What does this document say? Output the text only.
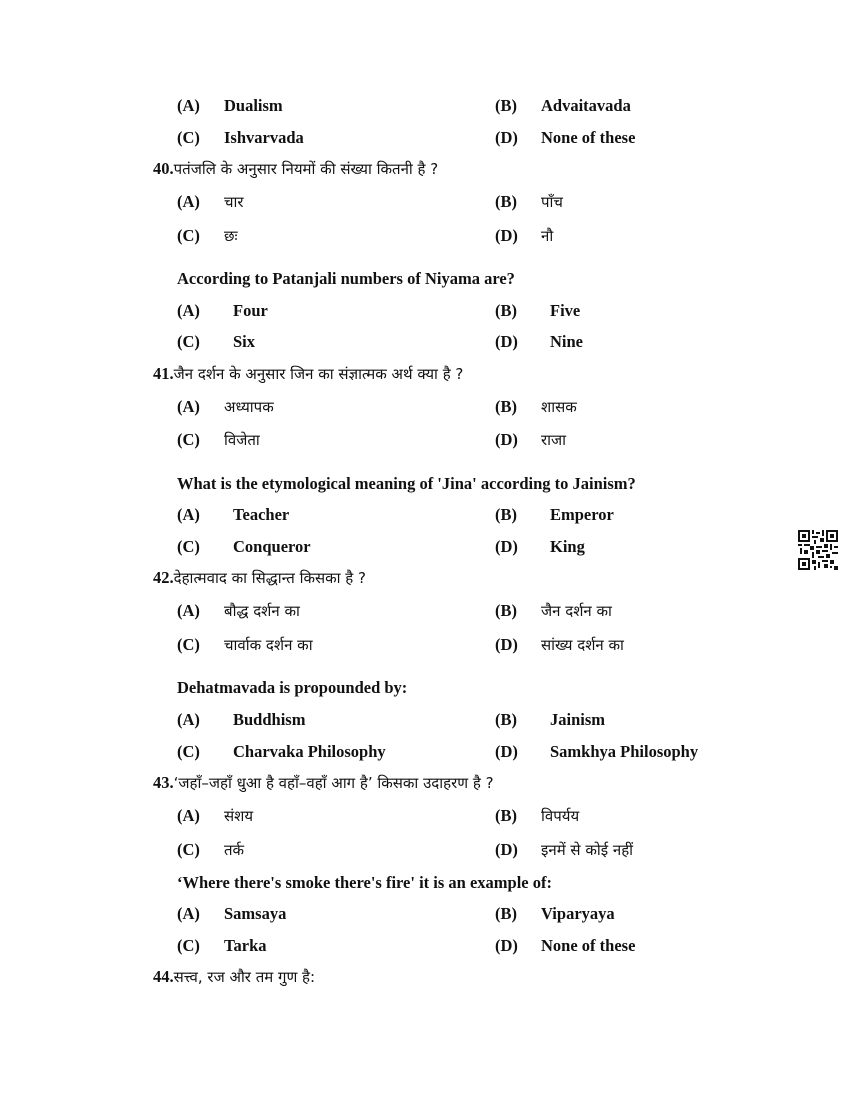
(A) Dualism	(B) Advaitavada
(C) Ishvarvada	(D) None of these
40.पतंजलि के अनुसार नियमों की संख्या कितनी है ?
(A) चार	(B) पाँच
(C) छः	(D) नौ
According to Patanjali numbers of Niyama are?
(A) Four	(B) Five
(C) Six	(D) Nine
41.जैन दर्शन के अनुसार जिन का संज्ञात्मक अर्थ क्या है ?
(A) अध्यापक	(B) शासक
(C) विजेता	(D) राजा
What is the etymological meaning of 'Jina' according to Jainism?
(A) Teacher	(B) Emperor
(C) Conqueror	(D) King
42.देहात्मवाद का सिद्धान्त किसका है ?
(A) बौद्ध दर्शन का	(B) जैन दर्शन का
(C) चार्वाक दर्शन का	(D) सांख्य दर्शन का
Dehatmavada is propounded by:
(A) Buddhism	(B) Jainism
(C) Charvaka Philosophy	(D) Samkhya Philosophy
43.‘जहाँ–जहाँ धुआ है वहाँ–वहाँ आग है’ किसका उदाहरण है ?
(A) संशय	(B) विपर्यय
(C) तर्क	(D) इनमें से कोई नहीं
‘Where there's smoke there's fire' it is an example of:
(A) Samsaya	(B) Viparyaya
(C) Tarka	(D) None of these
44.सत्त्व, रज और तम गुण है:
